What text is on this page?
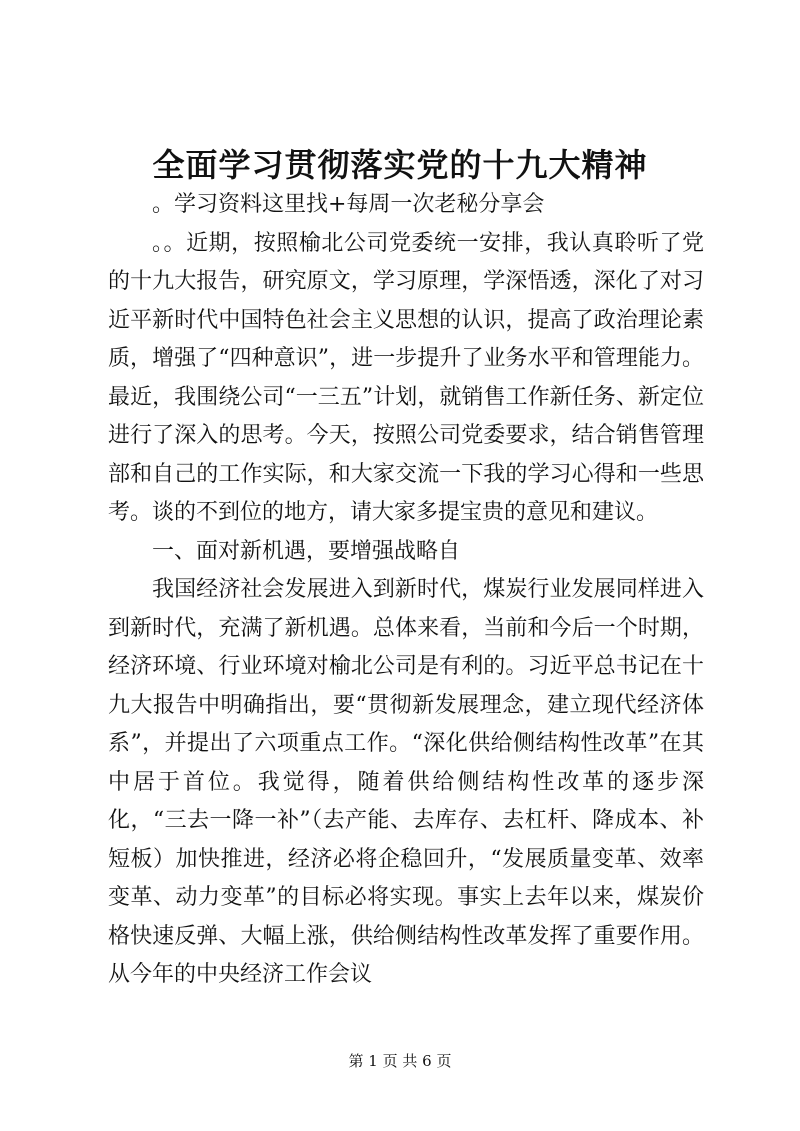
全面学习贯彻落实党的十九大精神

。学习资料这里找+每周一次老秘分享会

。。近期，按照榆北公司党委统一安排，我认真聆听了党的十九大报告，研究原文，学习原理，学深悟透，深化了对习近平新时代中国特色社会主义思想的认识，提高了政治理论素质，增强了“四种意识”，进一步提升了业务水平和管理能力。最近，我围绕公司“一三五”计划，就销售工作新任务、新定位进行了深入的思考。今天，按照公司党委要求，结合销售管理部和自己的工作实际，和大家交流一下我的学习心得和一些思考。谈的不到位的地方，请大家多提宝贵的意见和建议。

一、面对新机遇，要增强战略自

我国经济社会发展进入到新时代，煤炭行业发展同样进入到新时代，充满了新机遇。总体来看，当前和今后一个时期，经济环境、行业环境对榆北公司是有利的。习近平总书记在十九大报告中明确指出，要“贯彻新发展理念，建立现代经济体系”，并提出了六项重点工作。“深化供给侧结构性改革”在其中居于首位。我觉得，随着供给侧结构性改革的逐步深化，“三去一降一补”（去产能、去库存、去杠杆、降成本、补短板）加快推进，经济必将企稳回升，“发展质量变革、效率变革、动力变革”的目标必将实现。事实上去年以来，煤炭价格快速反弹、大幅上涨，供给侧结构性改革发挥了重要作用。从今年的中央经济工作会议

第 1 页 共 6 页
